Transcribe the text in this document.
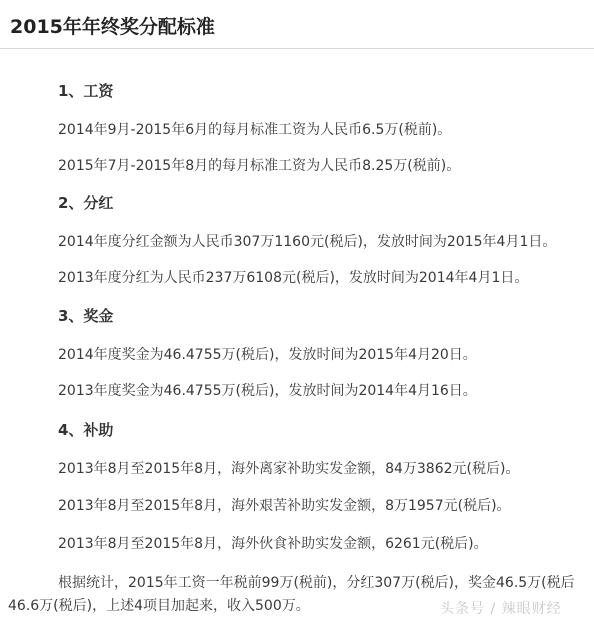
2015年年终奖分配标准
1、工资
2014年9月-2015年6月的每月标准工资为人民币6.5万(税前)。
2015年7月-2015年8月的每月标准工资为人民币8.25万(税前)。
2、分红
2014年度分红金额为人民币307万1160元(税后)，发放时间为2015年4月1日。
2013年度分红为人民币237万6108元(税后)，发放时间为2014年4月1日。
3、奖金
2014年度奖金为46.4755万(税后)，发放时间为2015年4月20日。
2013年度奖金为46.4755万(税后)，发放时间为2014年4月16日。
4、补助
2013年8月至2015年8月，海外离家补助实发金额，84万3862元(税后)。
2013年8月至2015年8月，海外艰苦补助实发金额，8万1957元(税后)。
2013年8月至2015年8月，海外伙食补助实发金额，6261元(税后)。
根据统计，2015年工资一年税前99万(税前)，分红307万(税后)，奖金46.5万(税后
46.6万(税后)，上述4项目加起来，收入500万。	头条号 / 辣眼财经
